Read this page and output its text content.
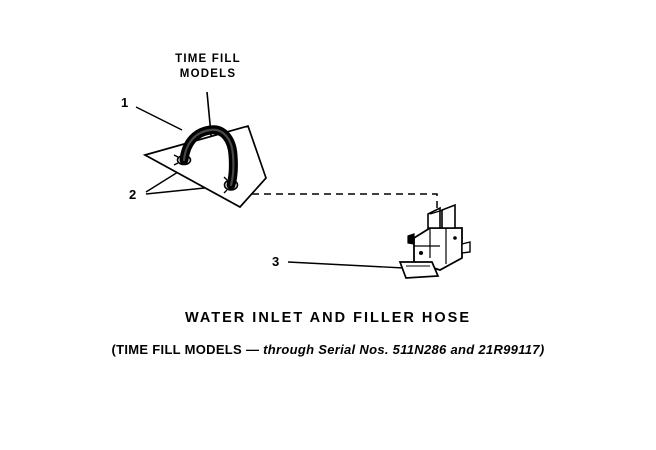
TIME FILL
MODELS
1
2
3
WATER INLET AND FILLER HOSE
(TIME FILL MODELS — through Serial Nos. 511N286 and 21R99117)
